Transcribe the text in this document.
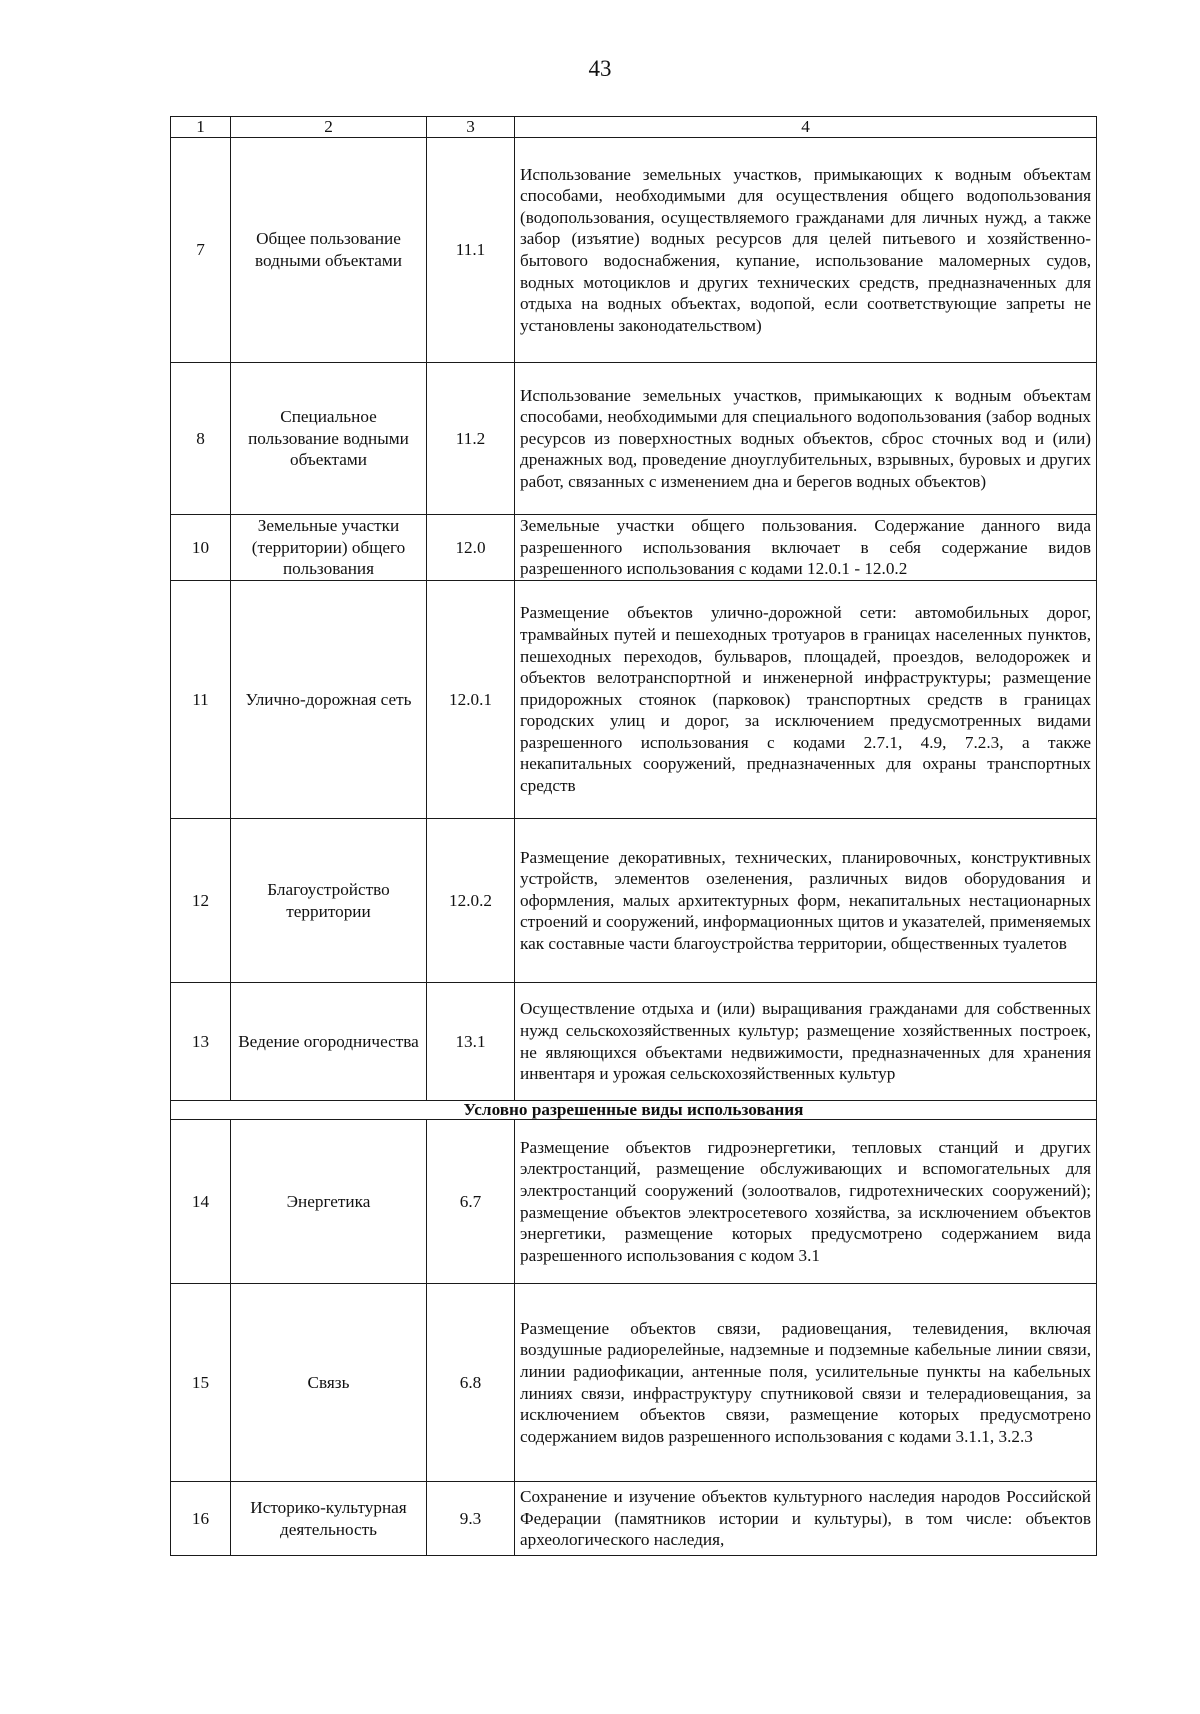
43
1	2	3	4
7	Общее пользование водными объектами	11.1	Использование земельных участков, примыкающих к водным объектам способами, необходимыми для осуществления общего водопользования (водопользования, осуществляемого гражданами для личных нужд, а также забор (изъятие) водных ресурсов для целей питьевого и хозяйственно-бытового водоснабжения, купание, использование маломерных судов, водных мотоциклов и других технических средств, предназначенных для отдыха на водных объектах, водопой, если соответствующие запреты не установлены законодательством)
8	Специальное пользование водными объектами	11.2	Использование земельных участков, примыкающих к водным объектам способами, необходимыми для специального водопользования (забор водных ресурсов из поверхностных водных объектов, сброс сточных вод и (или) дренажных вод, проведение дноуглубительных, взрывных, буровых и других работ, связанных с изменением дна и берегов водных объектов)
10	Земельные участки (территории) общего пользования	12.0	Земельные участки общего пользования. Содержание данного вида разрешенного использования включает в себя содержание видов разрешенного использования с кодами 12.0.1 - 12.0.2
11	Улично-дорожная сеть	12.0.1	Размещение объектов улично-дорожной сети: автомобильных дорог, трамвайных путей и пешеходных тротуаров в границах населенных пунктов, пешеходных переходов, бульваров, площадей, проездов, велодорожек и объектов велотранспортной и инженерной инфраструктуры; размещение придорожных стоянок (парковок) транспортных средств в границах городских улиц и дорог, за исключением предусмотренных видами разрешенного использования с кодами 2.7.1, 4.9, 7.2.3, а также некапитальных сооружений, предназначенных для охраны транспортных средств
12	Благоустройство территории	12.0.2	Размещение декоративных, технических, планировочных, конструктивных устройств, элементов озеленения, различных видов оборудования и оформления, малых архитектурных форм, некапитальных нестационарных строений и сооружений, информационных щитов и указателей, применяемых как составные части благоустройства территории, общественных туалетов
13	Ведение огородничества	13.1	Осуществление отдыха и (или) выращивания гражданами для собственных нужд сельскохозяйственных культур; размещение хозяйственных построек, не являющихся объектами недвижимости, предназначенных для хранения инвентаря и урожая сельскохозяйственных культур
Условно разрешенные виды использования			
14	Энергетика	6.7	Размещение объектов гидроэнергетики, тепловых станций и других электростанций, размещение обслуживающих и вспомогательных для электростанций сооружений (золоотвалов, гидротехнических сооружений); размещение объектов электросетевого хозяйства, за исключением объектов энергетики, размещение которых предусмотрено содержанием вида разрешенного использования с кодом 3.1
15	Связь	6.8	Размещение объектов связи, радиовещания, телевидения, включая воздушные радиорелейные, надземные и подземные кабельные линии связи, линии радиофикации, антенные поля, усилительные пункты на кабельных линиях связи, инфраструктуру спутниковой связи и телерадиовещания, за исключением объектов связи, размещение которых предусмотрено содержанием видов разрешенного использования с кодами 3.1.1, 3.2.3
16	Историко-культурная деятельность	9.3	Сохранение и изучение объектов культурного наследия народов Российской Федерации (памятников истории и культуры), в том числе: объектов археологического наследия,
